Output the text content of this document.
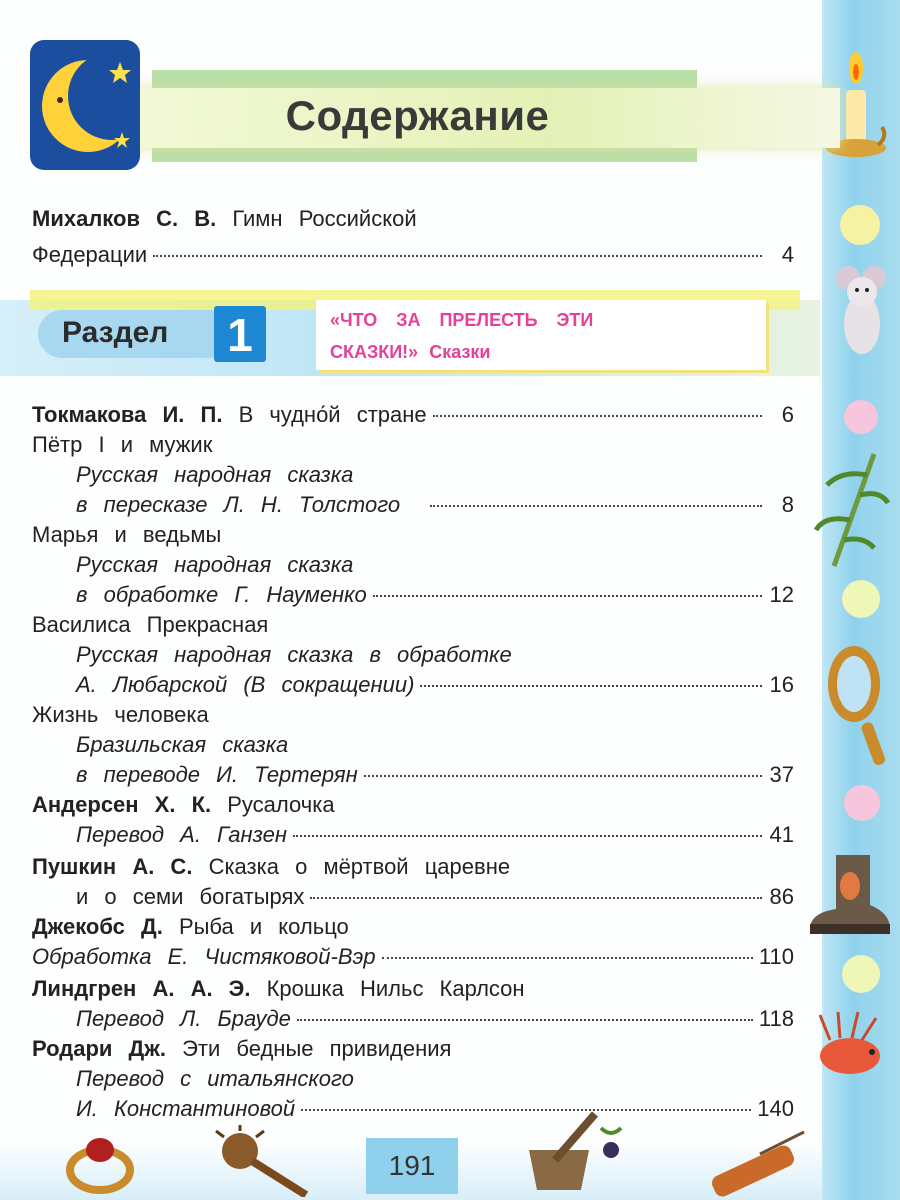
Содержание
Михалков С. В. Гимн Российской
Федерации	4
Раздел 1	«ЧТО ЗА ПРЕЛЕСТЬ ЭТИ
СКАЗКИ!» Сказки
Токмакова И. П. В чудно́й стране	6
Пётр I и мужик
Русская народная сказка
в пересказе Л. Н. Толстого	8
Марья и ведьмы
Русская народная сказка
в обработке Г. Науменко	12
Василиса Прекрасная
Русская народная сказка в обработке
А. Любарской (В сокращении)	16
Жизнь человека
Бразильская сказка
в переводе И. Тертерян	37
Андерсен Х. К. Русалочка
Перевод А. Ганзен	41
Пушкин А. С. Сказка о мёртвой царевне
и о семи богатырях	86
Джекобс Д. Рыба и кольцо
Обработка Е. Чистяковой-Вэр	110
Линдгрен А. А. Э. Крошка Нильс Карлсон
Перевод Л. Брауде	118
Родари Дж. Эти бедные привидения
Перевод с итальянского
И. Константиновой	140
191
